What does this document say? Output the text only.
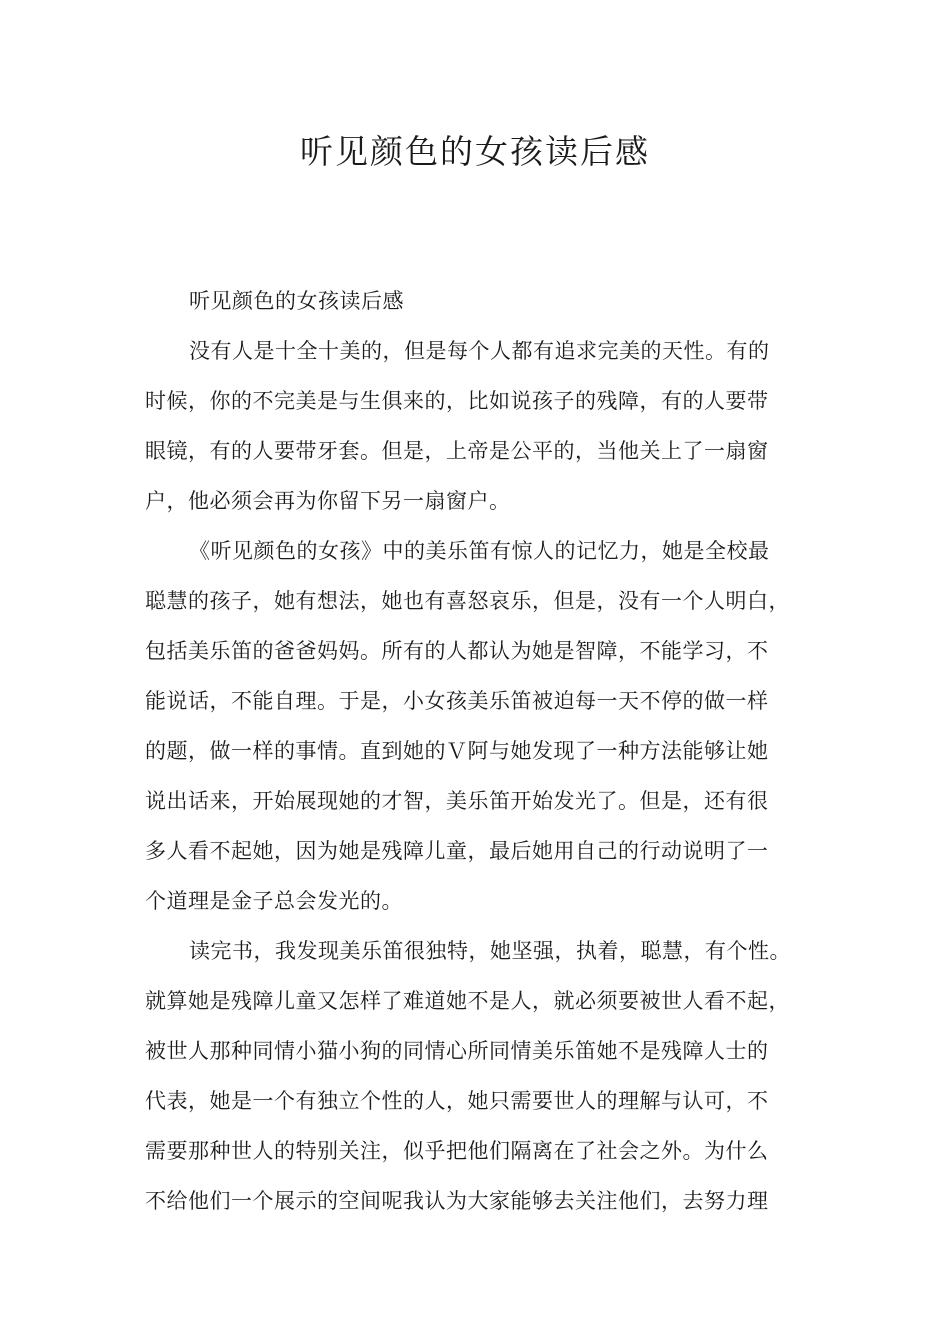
听见颜色的女孩读后感
听见颜色的女孩读后感
没有人是十全十美的，但是每个人都有追求完美的天性。有的
时候，你的不完美是与生俱来的，比如说孩子的残障，有的人要带
眼镜，有的人要带牙套。但是，上帝是公平的，当他关上了一扇窗
户，他必须会再为你留下另一扇窗户。
《听见颜色的女孩》中的美乐笛有惊人的记忆力，她是全校最
聪慧的孩子，她有想法，她也有喜怒哀乐，但是，没有一个人明白，
包括美乐笛的爸爸妈妈。所有的人都认为她是智障，不能学习，不
能说话，不能自理。于是，小女孩美乐笛被迫每一天不停的做一样
的题，做一样的事情。直到她的Ｖ阿与她发现了一种方法能够让她
说出话来，开始展现她的才智，美乐笛开始发光了。但是，还有很
多人看不起她，因为她是残障儿童，最后她用自己的行动说明了一
个道理是金子总会发光的。
读完书，我发现美乐笛很独特，她坚强，执着，聪慧，有个性。
就算她是残障儿童又怎样了难道她不是人，就必须要被世人看不起，
被世人那种同情小猫小狗的同情心所同情美乐笛她不是残障人士的
代表，她是一个有独立个性的人，她只需要世人的理解与认可，不
需要那种世人的特别关注，似乎把他们隔离在了社会之外。为什么
不给他们一个展示的空间呢我认为大家能够去关注他们，去努力理
